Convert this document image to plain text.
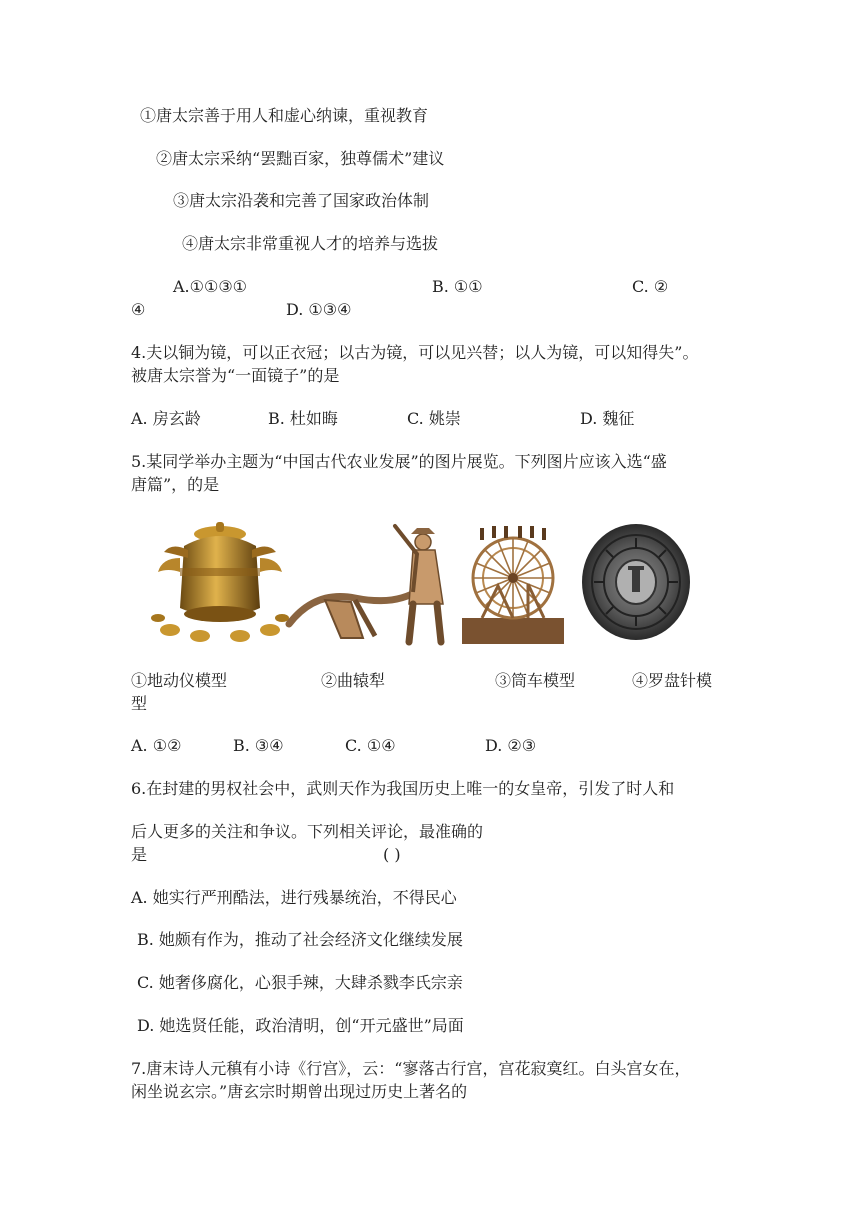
①唐太宗善于用人和虚心纳谏，重视教育
②唐太宗采纳“罢黜百家，独尊儒术”建议
③唐太宗沿袭和完善了国家政治体制
④唐太宗非常重视人才的培养与选拔
A.①①③①	B. ①①	C. ②
④	D. ①③④
4.夫以铜为镜，可以正衣冠；以古为镜，可以见兴替；以人为镜，可以知得失”。
被唐太宗誉为“一面镜子”的是
A. 房玄龄	B. 杜如晦	C. 姚崇	D. 魏征
5.某同学举办主题为“中国古代农业发展”的图片展览。下列图片应该入选“盛
唐篇”，的是
①地动仪模型	②曲辕犁	③筒车模型	④罗盘针模
型
A. ①②	B. ③④	C. ①④	D. ②③
6.在封建的男权社会中，武则天作为我国历史上唯一的女皇帝，引发了时人和
后人更多的关注和争议。下列相关评论，最准确的
是	( )
A. 她实行严刑酷法，进行残暴统治，不得民心
B. 她颇有作为，推动了社会经济文化继续发展
C. 她奢侈腐化，心狠手辣，大肆杀戮李氏宗亲
D. 她选贤任能，政治清明，创“开元盛世”局面
7.唐末诗人元稹有小诗《行宫》，云：“寥落古行宫，宫花寂寞红。白头宫女在，
闲坐说玄宗。”唐玄宗时期曾出现过历史上著名的
